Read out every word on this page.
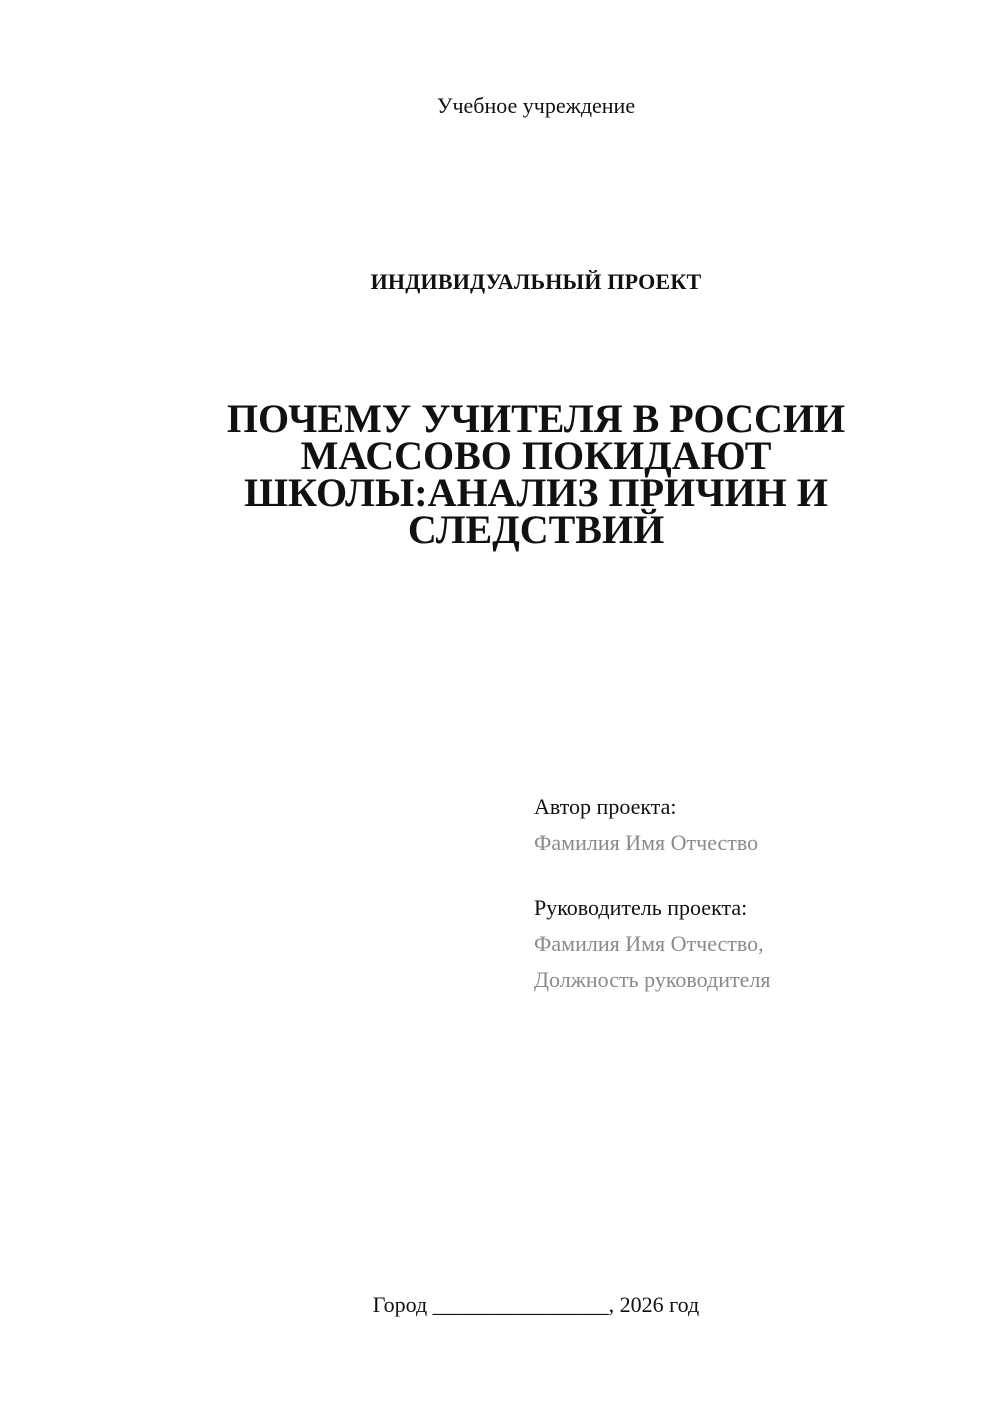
Учебное учреждение
ИНДИВИДУАЛЬНЫЙ ПРОЕКТ
ПОЧЕМУ УЧИТЕЛЯ В РОССИИ
МАССОВО ПОКИДАЮТ
ШКОЛЫ:АНАЛИЗ ПРИЧИН И
СЛЕДСТВИЙ
Автор проекта:
Фамилия Имя Отчество
Руководитель проекта:
Фамилия Имя Отчество,
Должность руководителя
Город ________________, 2026 год
